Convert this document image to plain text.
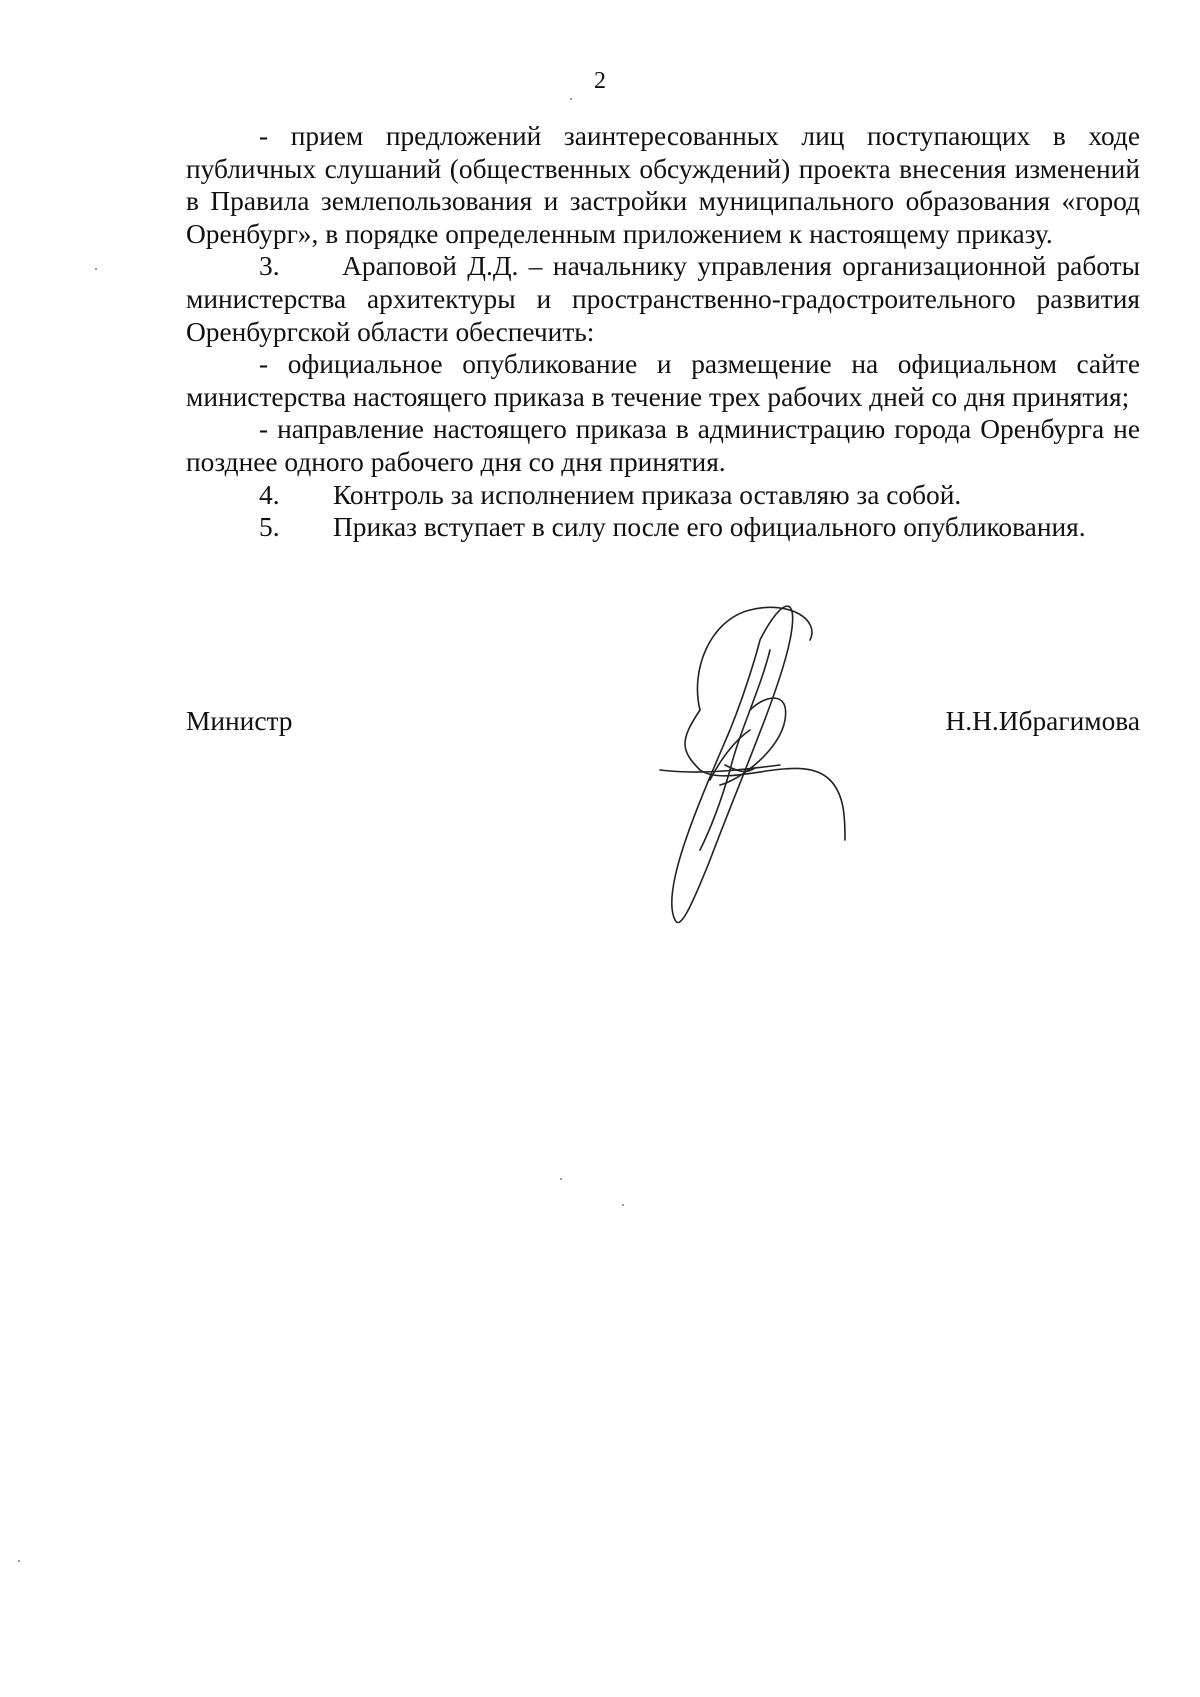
2

- прием предложений заинтересованных лиц поступающих в ходе публичных слушаний (общественных обсуждений) проекта внесения изменений в Правила землепользования и застройки муниципального образования «город Оренбург», в порядке определенным приложением к настоящему приказу.

3.      Араповой Д.Д. – начальнику управления организационной работы министерства архитектуры и пространственно-градостроительного развития Оренбургской области обеспечить:

- официальное опубликование и размещение на официальном сайте министерства настоящего приказа в течение трех рабочих дней со дня принятия;

- направление настоящего приказа в администрацию города Оренбурга не позднее одного рабочего дня со дня принятия.

4. Контроль за исполнением приказа оставляю за собой.

5. Приказ вступает в силу после его официального опубликования.

Министр	Н.Н.Ибрагимова
